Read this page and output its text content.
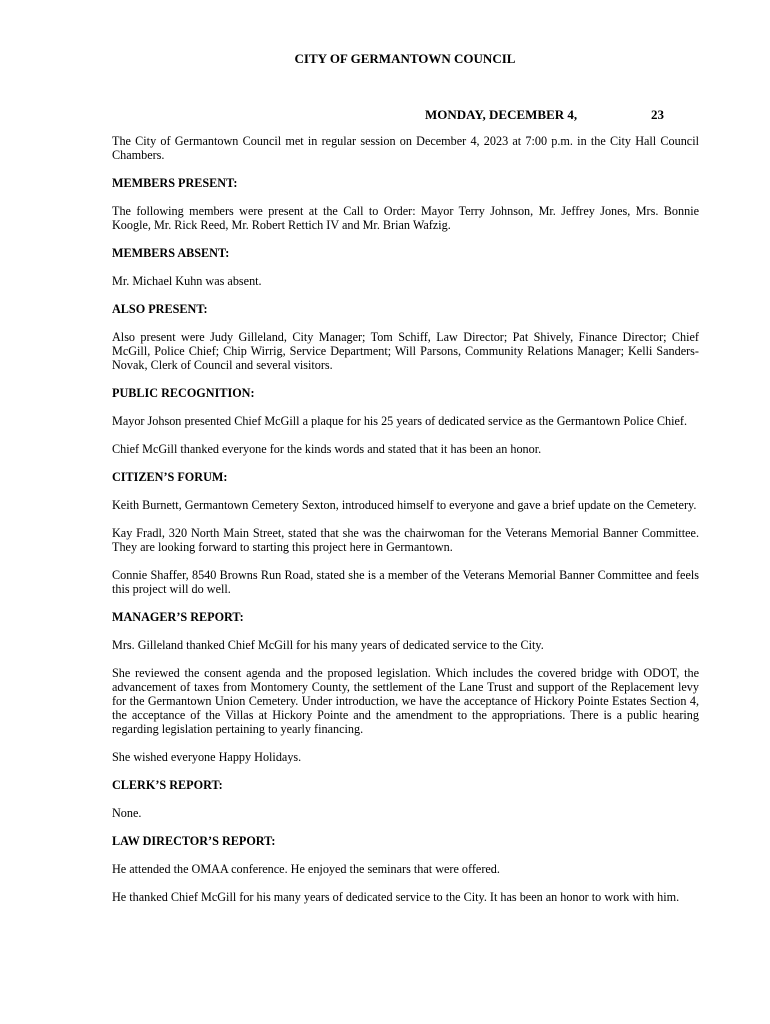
CITY OF GERMANTOWN COUNCIL
MONDAY, DECEMBER 4,	23

The City of Germantown Council met in regular session on December 4, 2023 at 7:00 p.m. in the City Hall Council Chambers.

MEMBERS PRESENT:

The following members were present at the Call to Order: Mayor Terry Johnson, Mr. Jeffrey Jones, Mrs. Bonnie Koogle, Mr. Rick Reed, Mr. Robert Rettich IV and Mr. Brian Wafzig.

MEMBERS ABSENT:

Mr. Michael Kuhn was absent.

ALSO PRESENT:

Also present were Judy Gilleland, City Manager; Tom Schiff, Law Director; Pat Shively, Finance Director; Chief McGill, Police Chief; Chip Wirrig, Service Department; Will Parsons, Community Relations Manager; Kelli Sanders-Novak, Clerk of Council and several visitors.

PUBLIC RECOGNITION:

Mayor Johson presented Chief McGill a plaque for his 25 years of dedicated service as the Germantown Police Chief.

Chief McGill thanked everyone for the kinds words and stated that it has been an honor.

CITIZEN’S FORUM:

Keith Burnett, Germantown Cemetery Sexton, introduced himself to everyone and gave a brief update on the Cemetery.

Kay Fradl, 320 North Main Street, stated that she was the chairwoman for the Veterans Memorial Banner Committee. They are looking forward to starting this project here in Germantown.

Connie Shaffer, 8540 Browns Run Road, stated she is a member of the Veterans Memorial Banner Committee and feels this project will do well.

MANAGER’S REPORT:

Mrs. Gilleland thanked Chief McGill for his many years of dedicated service to the City.

She reviewed the consent agenda and the proposed legislation. Which includes the covered bridge with ODOT, the advancement of taxes from Montomery County, the settlement of the Lane Trust and support of the Replacement levy for the Germantown Union Cemetery. Under introduction, we have the acceptance of Hickory Pointe Estates Section 4, the acceptance of the Villas at Hickory Pointe and the amendment to the appropriations. There is a public hearing regarding legislation pertaining to yearly financing.

She wished everyone Happy Holidays.

CLERK’S REPORT:

None.

LAW DIRECTOR’S REPORT:

He attended the OMAA conference. He enjoyed the seminars that were offered.

He thanked Chief McGill for his many years of dedicated service to the City. It has been an honor to work with him.
